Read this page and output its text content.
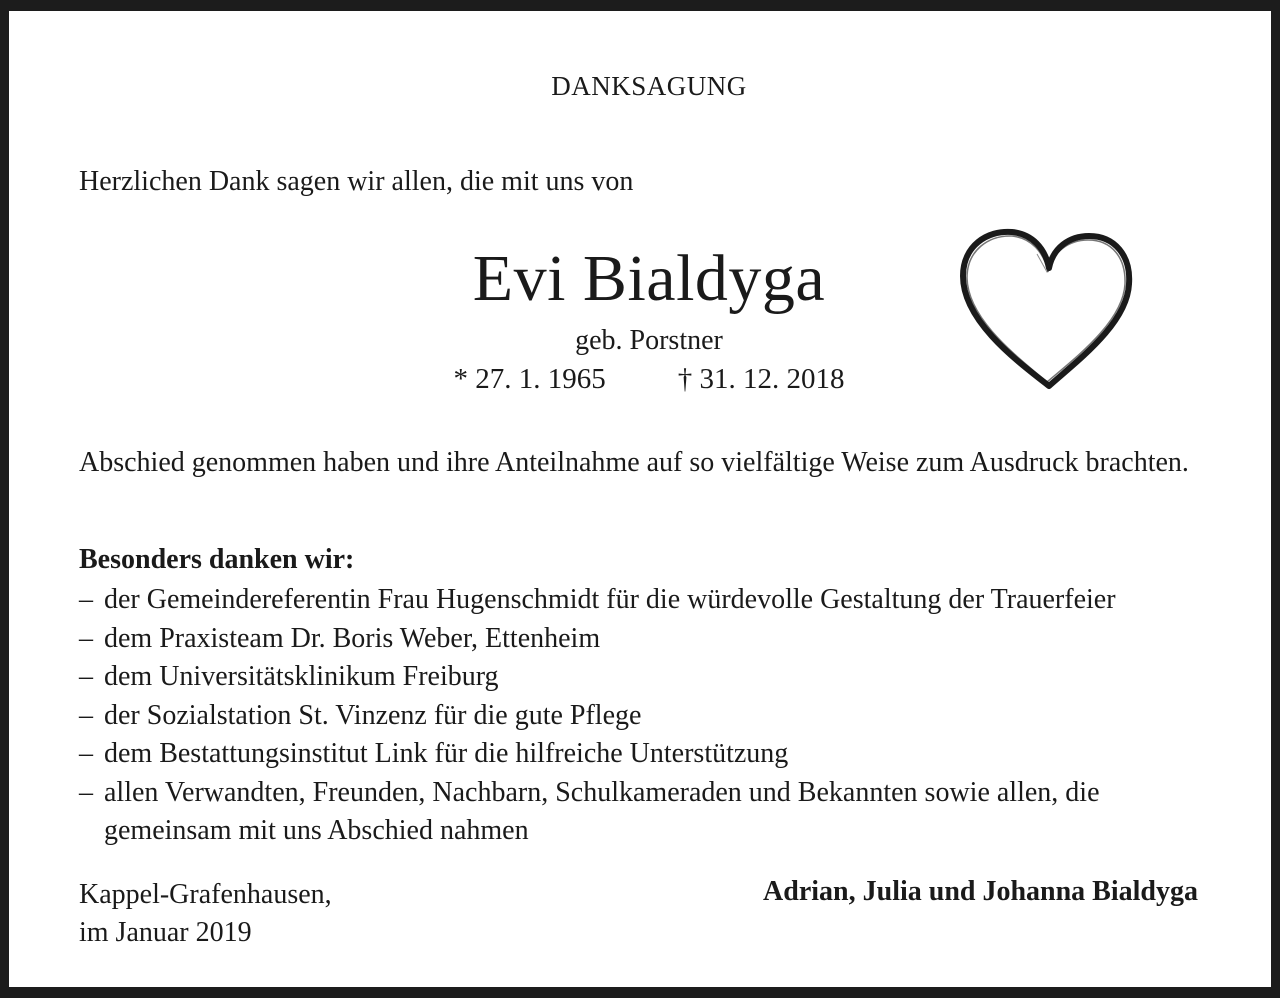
DANKSAGUNG
Herzlichen Dank sagen wir allen, die mit uns von
Evi Bialdyga
geb. Porstner
* 27. 1. 1965 † 31. 12. 2018
Abschied genommen haben und ihre Anteilnahme auf so vielfältige Weise zum Ausdruck brachten.
Besonders danken wir:
– der Gemeindereferentin Frau Hugenschmidt für die würdevolle Gestaltung der Trauerfeier
– dem Praxisteam Dr. Boris Weber, Ettenheim
– dem Universitätsklinikum Freiburg
– der Sozialstation St. Vinzenz für die gute Pflege
– dem Bestattungsinstitut Link für die hilfreiche Unterstützung
– allen Verwandten, Freunden, Nachbarn, Schulkameraden und Bekannten sowie allen, die gemeinsam mit uns Abschied nahmen
Kappel-Grafenhausen,
im Januar 2019
Adrian, Julia und Johanna Bialdyga
